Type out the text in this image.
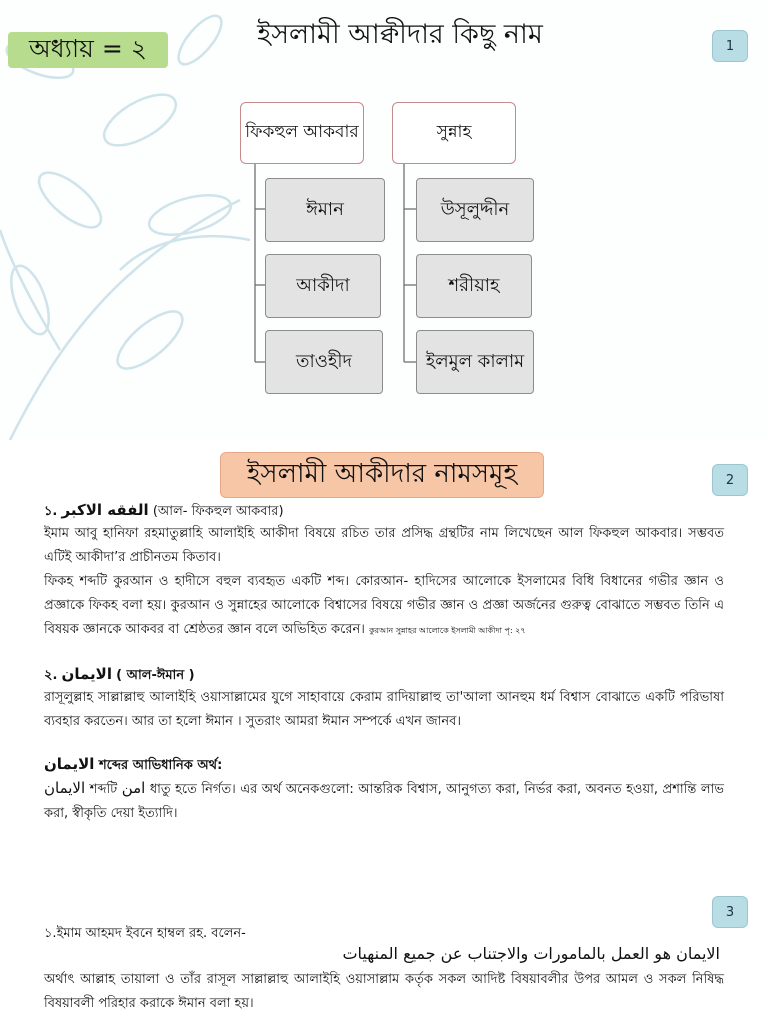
1
অধ্যায় = ২	ইসলামী আক্বীদার কিছু নাম
ফিকহুল আকবার	সুন্নাহ
ঈমান
আকীদা
তাওহীদ
উসূলুদ্দীন
শরীয়াহ
ইলমুল কালাম
2
ইসলামী আকীদার নামসমূহ
১. الفقه الاكبر (আল- ফিকহুল আকবার)
ইমাম আবু হানিফা রহমাতুল্লাহি আলাইহি আকীদা বিষয়ে রচিত তার প্রসিদ্ধ গ্রন্থটির নাম লিখেছেন আল ফিকহুল আকবার। সম্ভবত এটিই আকীদা’র প্রাচীনতম কিতাব।
ফিকহ শব্দটি কুরআন ও হাদীসে বহুল ব্যবহৃত একটি শব্দ। কোরআন- হাদিসের আলোকে ইসলামের বিধি বিধানের গভীর জ্ঞান ও প্রজ্ঞাকে ফিকহ বলা হয়। কুরআন ও সুন্নাহের আলোকে বিশ্বাসের বিষয়ে গভীর জ্ঞান ও প্রজ্ঞা অর্জনের গুরুত্ব বোঝাতে সম্ভবত তিনি এ বিষয়ক জ্ঞানকে আকবর বা শ্রেষ্ঠতর জ্ঞান বলে অভিহিত করেন। কুরআন সুন্নাহর আলোকে ইসলামী আকীদা পৃ: ২৭
২. الايمان ( আল-ঈমান )
রাসূলুল্লাহ সাল্লাল্লাহু আলাইহি ওয়াসাল্লামের যুগে সাহাবায়ে কেরাম রাদিয়াল্লাহু তা'আলা আনহুম ধর্ম বিশ্বাস বোঝাতে একটি পরিভাষা ব্যবহার করতেন। আর তা হলো ঈমান । সুতরাং আমরা ঈমান সম্পর্কে এখন জানব।
الايمان শব্দের আভিধানিক অর্থ:
الايمان শব্দটি امن ধাতু হতে নির্গত। এর অর্থ অনেকগুলো: আন্তরিক বিশ্বাস, আনুগত্য করা, নির্ভর করা, অবনত হওয়া, প্রশান্তি লাভ করা, স্বীকৃতি দেয়া ইত্যাদি।
3
১.ইমাম আহমদ ইবনে হাম্বল রহ. বলেন-
الايمان هو العمل بالمامورات والاجتناب عن جميع المنهيات
অর্থাৎ আল্লাহ তায়ালা ও তাঁর রাসূল সাল্লাল্লাহু আলাইহি ওয়াসাল্লাম কর্তৃক সকল আদিষ্ট বিষয়াবলীর উপর আমল ও সকল নিষিদ্ধ বিষয়াবলী পরিহার করাকে ঈমান বলা হয়।
